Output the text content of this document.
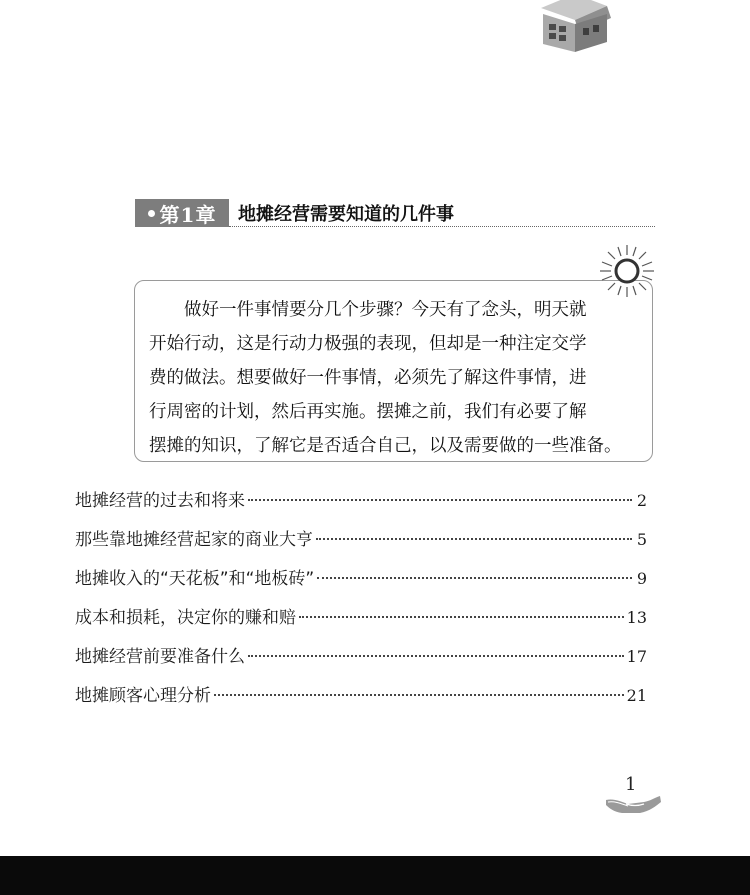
第1章 地摊经营需要知道的几件事
做好一件事情要分几个步骤？今天有了念头，明天就
开始行动，这是行动力极强的表现，但却是一种注定交学
费的做法。想要做好一件事情，必须先了解这件事情，进
行周密的计划，然后再实施。摆摊之前，我们有必要了解
摆摊的知识，了解它是否适合自己，以及需要做的一些准备。
地摊经营的过去和将来	2
那些靠地摊经营起家的商业大亨	5
地摊收入的“天花板”和“地板砖”	9
成本和损耗，决定你的赚和赔	13
地摊经营前要准备什么	17
地摊顾客心理分析	21
1
